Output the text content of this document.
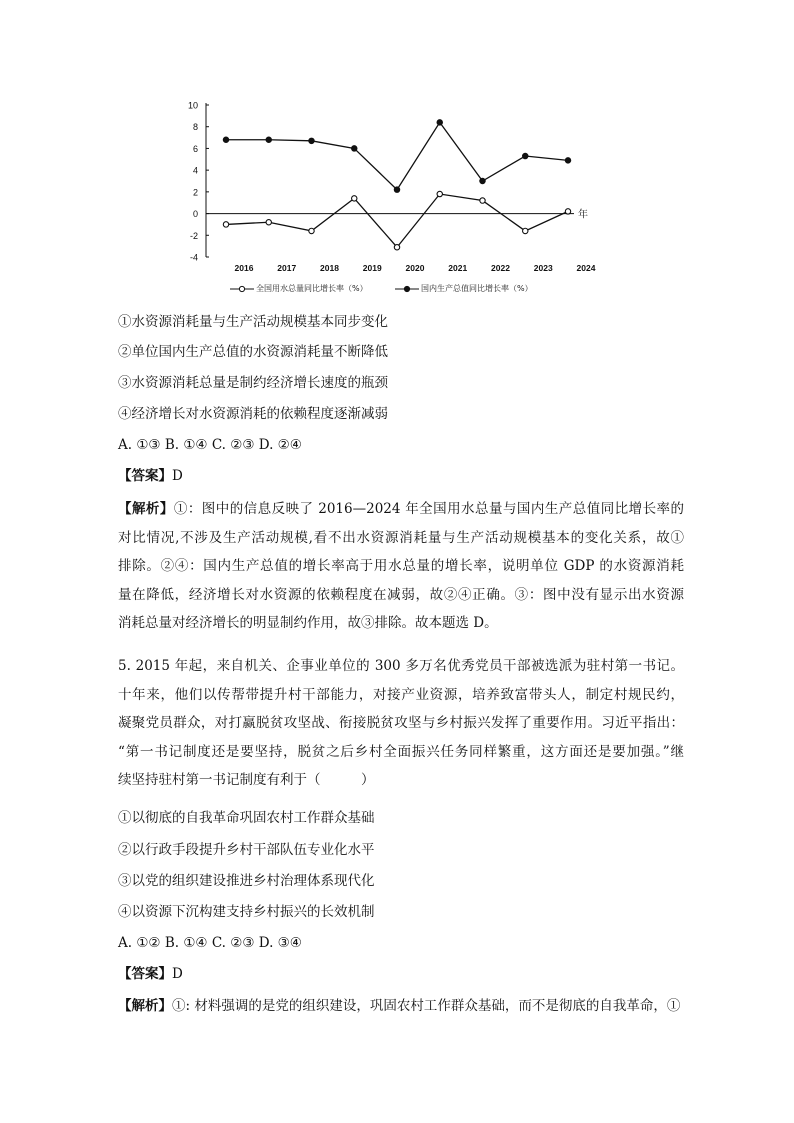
年
10
8
6
4
2
0
-2
-4
2016	2017	2018	2019	2020	2021	2022	2023	2024
全国用水总量同比增长率（%）	国内生产总值同比增长率（%）
①水资源消耗量与生产活动规模基本同步变化
②单位国内生产总值的水资源消耗量不断降低
③水资源消耗总量是制约经济增长速度的瓶颈
④经济增长对水资源消耗的依赖程度逐渐减弱
A. ①③ B. ①④ C. ②③ D. ②④
【答案】D

【解析】①：图中的信息反映了 2016—2024 年全国用水总量与国内生产总值同比增长率的

对比情况,不涉及生产活动规模,看不出水资源消耗量与生产活动规模基本的变化关系，故①

排除。②④：国内生产总值的增长率高于用水总量的增长率，说明单位 GDP 的水资源消耗

量在降低，经济增长对水资源的依赖程度在减弱，故②④正确。③：图中没有显示出水资源

消耗总量对经济增长的明显制约作用，故③排除。故本题选 D。

5. 2015 年起，来自机关、企事业单位的 300 多万名优秀党员干部被选派为驻村第一书记。

十年来，他们以传帮带提升村干部能力，对接产业资源，培养致富带头人，制定村规民约，

凝聚党员群众，对打赢脱贫攻坚战、衔接脱贫攻坚与乡村振兴发挥了重要作用。习近平指出：

“第一书记制度还是要坚持，脱贫之后乡村全面振兴任务同样繁重，这方面还是要加强。”继

续坚持驻村第一书记制度有利于（　　　）

①以彻底的自我革命巩固农村工作群众基础
②以行政手段提升乡村干部队伍专业化水平
③以党的组织建设推进乡村治理体系现代化
④以资源下沉构建支持乡村振兴的长效机制
A. ①② B. ①④ C. ②③ D. ③④
【答案】D
【解析】①: 材料强调的是党的组织建设，巩固农村工作群众基础，而不是彻底的自我革命，①
